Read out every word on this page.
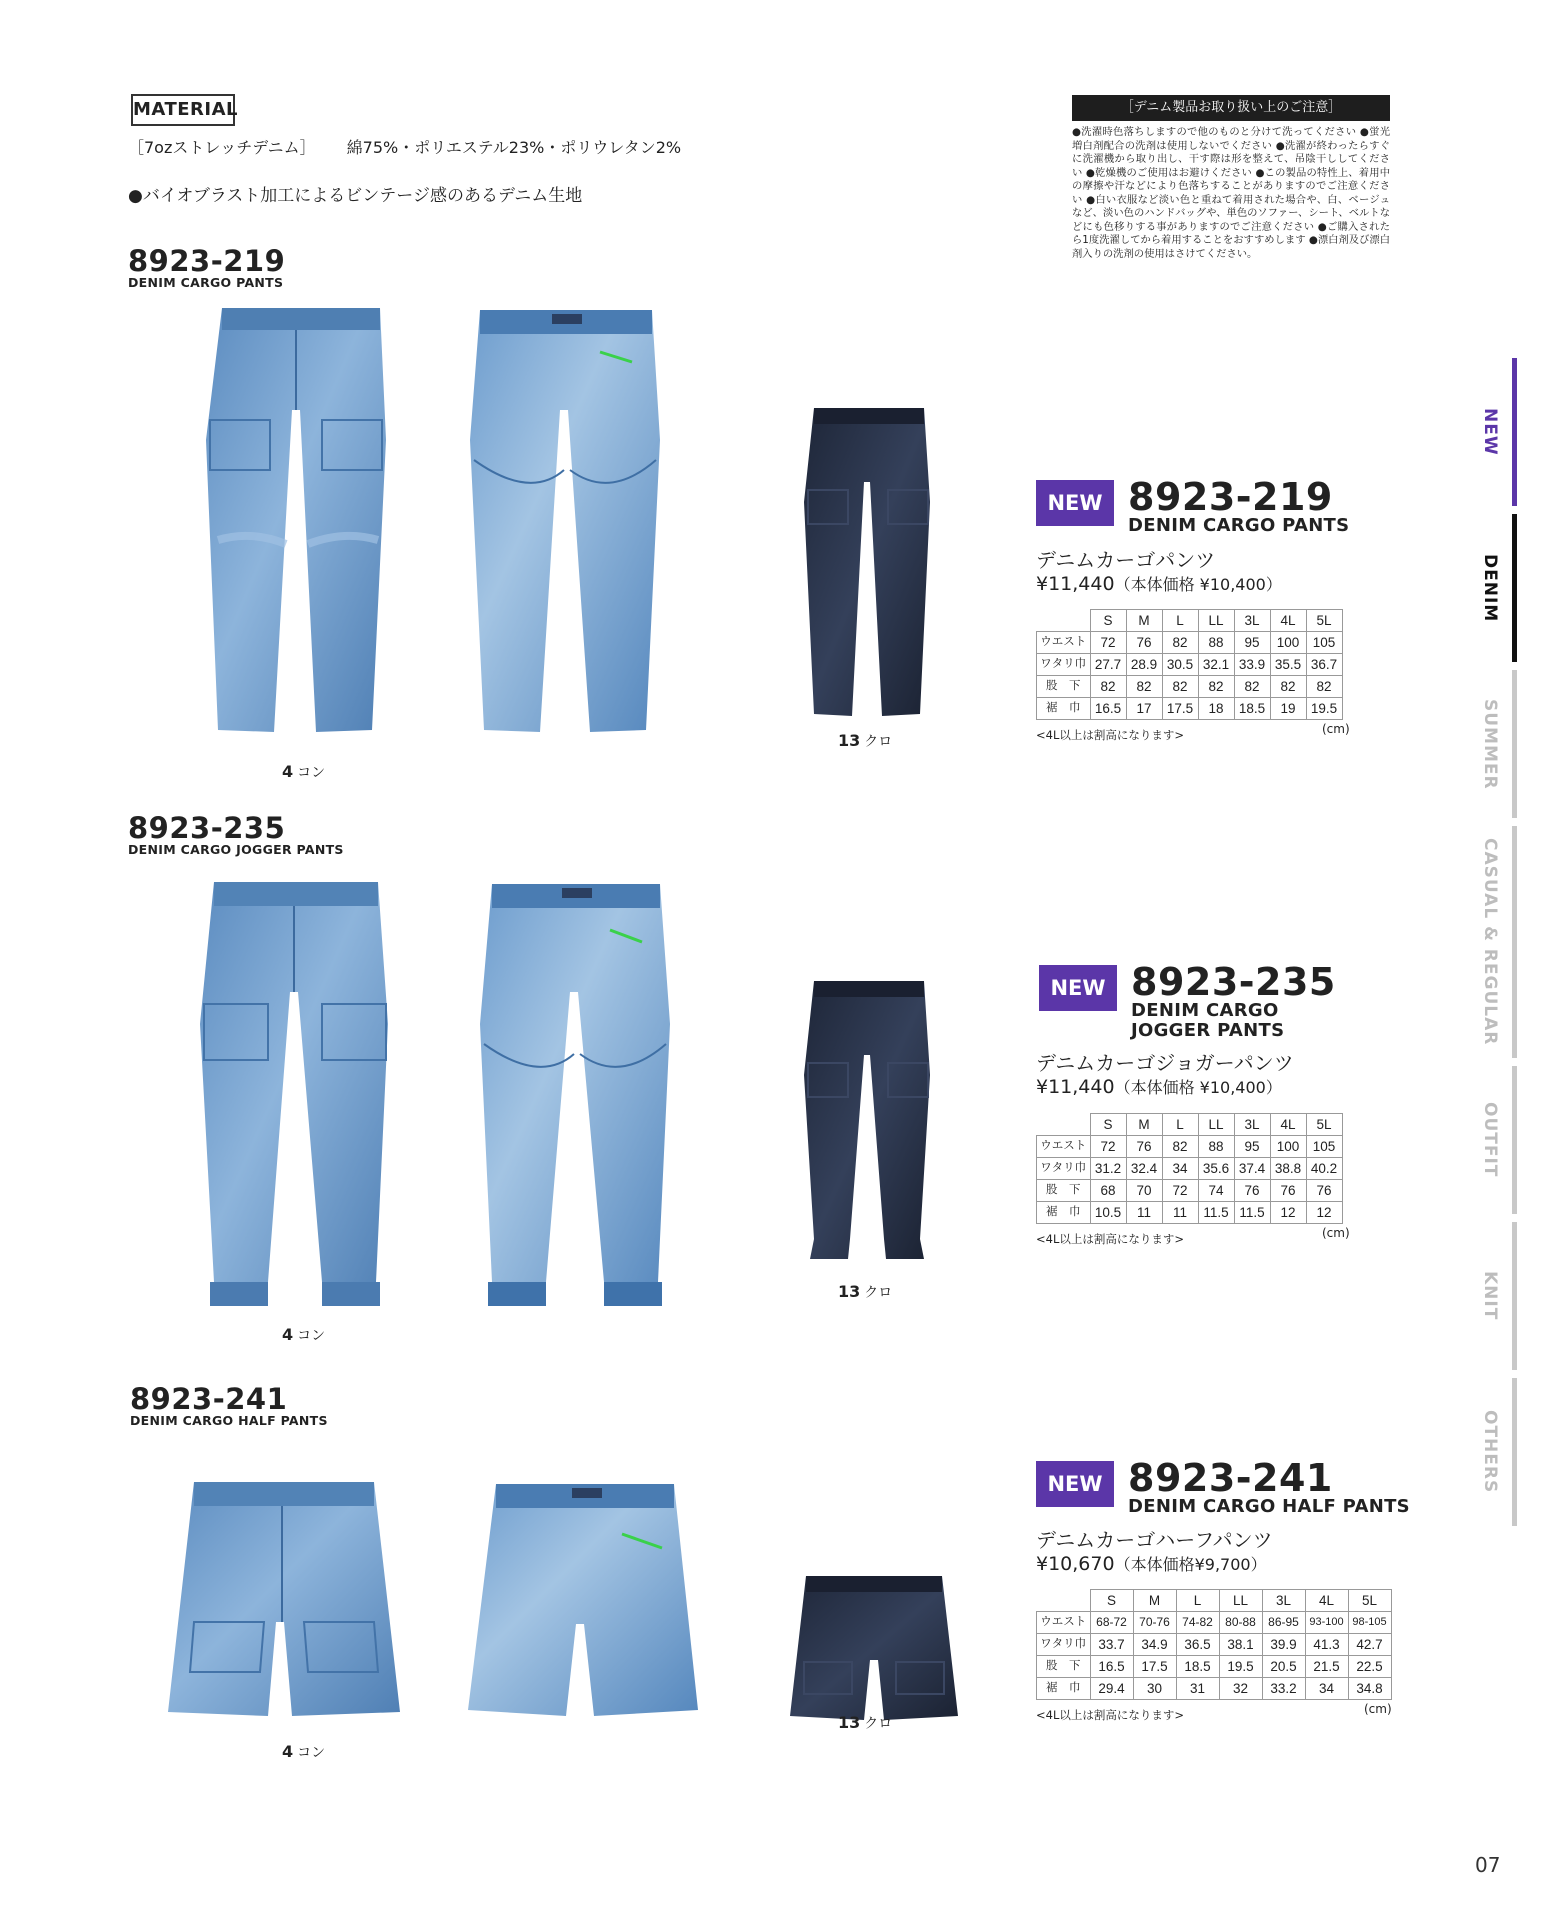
MATERIAL
［7ozストレッチデニム］ 綿75%・ポリエステル23%・ポリウレタン2%
●バイオブラスト加工によるビンテージ感のあるデニム生地
［デニム製品お取り扱い上のご注意］
●洗濯時色落ちしますので他のものと分けて洗ってください ●蛍光増白剤配合の洗剤は使用しないでください ●洗濯が終わったらすぐに洗濯機から取り出し、干す際は形を整えて、吊陰干ししてください ●乾燥機のご使用はお避けください ●この製品の特性上、着用中の摩擦や汗などにより色落ちすることがありますのでご注意ください ●白い衣服など淡い色と重ねて着用された場合や、白、ベージュなど、淡い色のハンドバッグや、単色のソファー、シート、ベルトなどにも色移りする事がありますのでご注意ください ●ご購入されたら1度洗濯してから着用することをおすすめします ●漂白剤及び漂白剤入りの洗剤の使用はさけてください。
8923-219
DENIM CARGO PANTS
4 コン
13 クロ
NEW 8923-219
DENIM CARGO PANTS
デニムカーゴパンツ
¥11,440（本体価格 ¥10,400）
	S	M	L	LL	3L	4L	5L
ウエスト	72	76	82	88	95	100	105
ワタリ巾	27.7	28.9	30.5	32.1	33.9	35.5	36.7
股　下	82	82	82	82	82	82	82
裾　巾	16.5	17	17.5	18	18.5	19	19.5
(cm)
<4L以上は割高になります>
8923-235
DENIM CARGO JOGGER PANTS
4 コン
13 クロ
NEW 8923-235
DENIM CARGO
JOGGER PANTS
デニムカーゴジョガーパンツ
¥11,440（本体価格 ¥10,400）
	S	M	L	LL	3L	4L	5L
ウエスト	72	76	82	88	95	100	105
ワタリ巾	31.2	32.4	34	35.6	37.4	38.8	40.2
股　下	68	70	72	74	76	76	76
裾　巾	10.5	11	11	11.5	11.5	12	12
(cm)
<4L以上は割高になります>
8923-241
DENIM CARGO HALF PANTS
4 コン
13 クロ
NEW 8923-241
DENIM CARGO HALF PANTS
デニムカーゴハーフパンツ
¥10,670（本体価格¥9,700）
	S	M	L	LL	3L	4L	5L
ウエスト	68-72	70-76	74-82	80-88	86-95	93-100	98-105
ワタリ巾	33.7	34.9	36.5	38.1	39.9	41.3	42.7
股　下	16.5	17.5	18.5	19.5	20.5	21.5	22.5
裾　巾	29.4	30	31	32	33.2	34	34.8
(cm)
<4L以上は割高になります>
NEW
DENIM
SUMMER
CASUAL & REGULAR
OUTFIT
KNIT
OTHERS
07
